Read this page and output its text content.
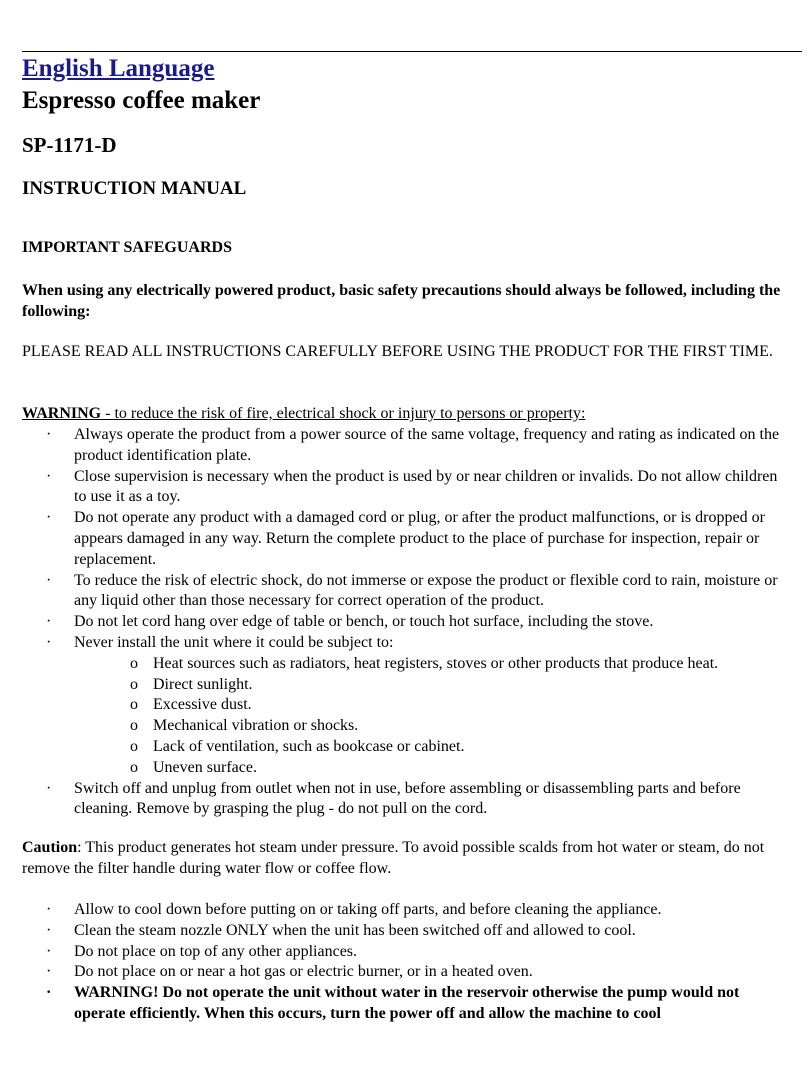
English Language
Espresso coffee maker
SP-1171-D
INSTRUCTION MANUAL
IMPORTANT SAFEGUARDS

When using any electrically powered product, basic safety precautions should always be followed, including the following:

PLEASE READ ALL INSTRUCTIONS CAREFULLY BEFORE USING THE PRODUCT FOR THE FIRST TIME.

WARNING - to reduce the risk of fire, electrical shock or injury to persons or property:
· Always operate the product from a power source of the same voltage, frequency and rating as indicated on the product identification plate.
· Close supervision is necessary when the product is used by or near children or invalids. Do not allow children to use it as a toy.
· Do not operate any product with a damaged cord or plug, or after the product malfunctions, or is dropped or appears damaged in any way. Return the complete product to the place of purchase for inspection, repair or replacement.
· To reduce the risk of electric shock, do not immerse or expose the product or flexible cord to rain, moisture or any liquid other than those necessary for correct operation of the product.
· Do not let cord hang over edge of table or bench, or touch hot surface, including the stove.
· Never install the unit where it could be subject to:
o Heat sources such as radiators, heat registers, stoves or other products that produce heat.
o Direct sunlight.
o Excessive dust.
o Mechanical vibration or shocks.
o Lack of ventilation, such as bookcase or cabinet.
o Uneven surface.
· Switch off and unplug from outlet when not in use, before assembling or disassembling parts and before cleaning. Remove by grasping the plug - do not pull on the cord.

Caution: This product generates hot steam under pressure. To avoid possible scalds from hot water or steam, do not remove the filter handle during water flow or coffee flow.

· Allow to cool down before putting on or taking off parts, and before cleaning the appliance.
· Clean the steam nozzle ONLY when the unit has been switched off and allowed to cool.
· Do not place on top of any other appliances.
· Do not place on or near a hot gas or electric burner, or in a heated oven.
· WARNING! Do not operate the unit without water in the reservoir otherwise the pump would not operate efficiently. When this occurs, turn the power off and allow the machine to cool
